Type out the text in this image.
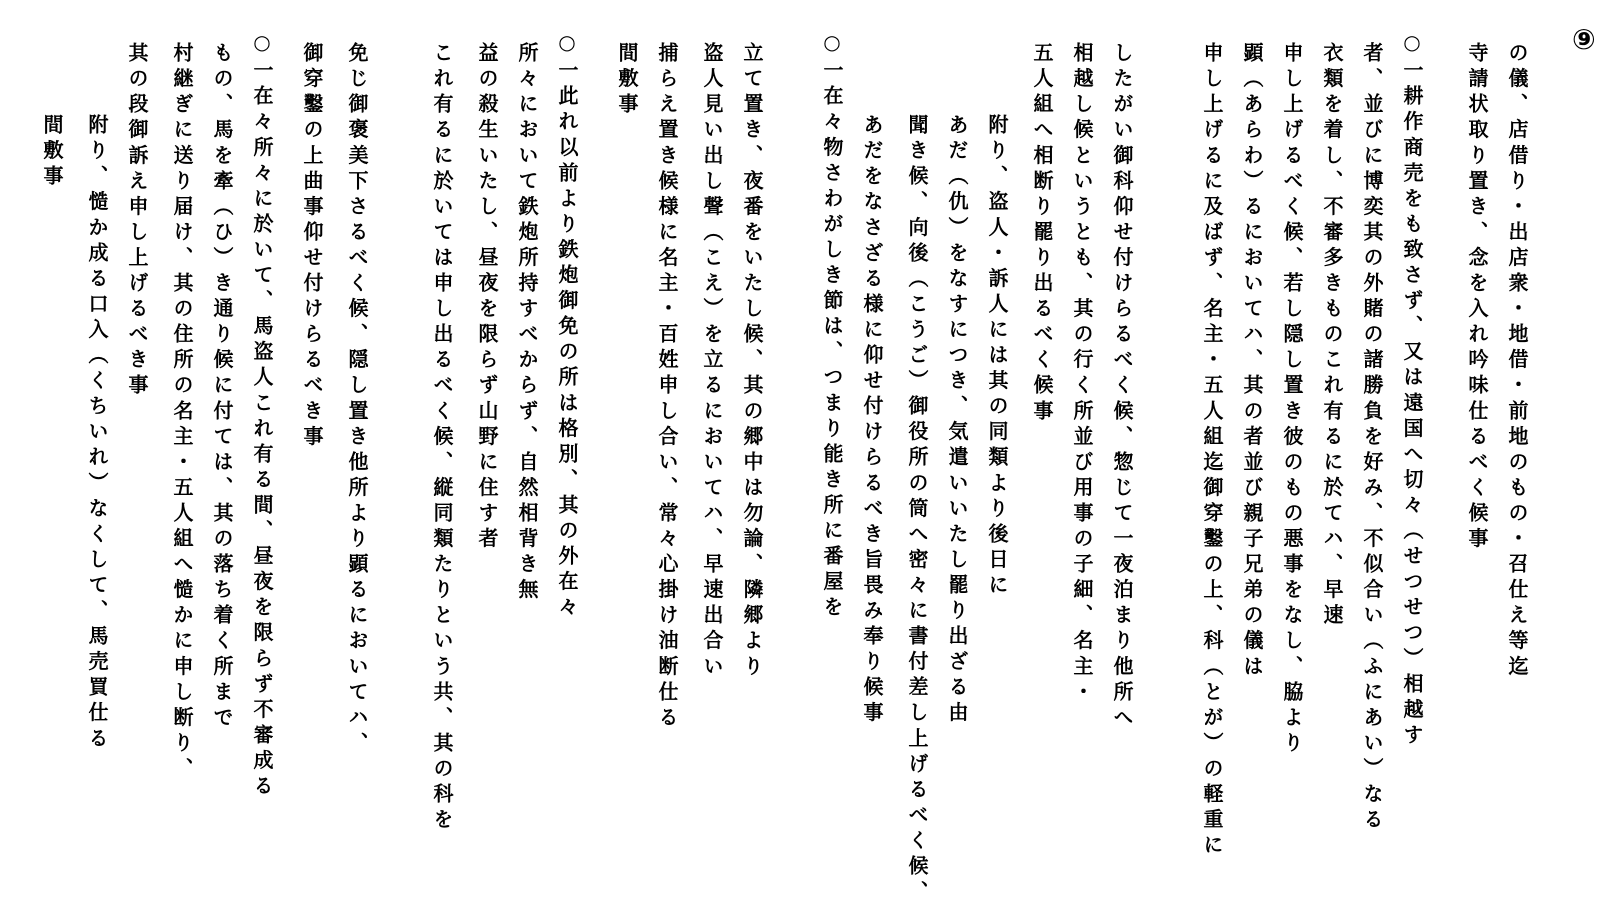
⑨
の儀、店借り・出店衆・地借・前地のもの・召仕え等迄
寺請状取り置き、念を入れ吟味仕るべく候事
○一耕作商売をも致さず、又は遠国へ切々（せつせつ）相越す
者、並びに博奕其の外賭の諸勝負を好み、不似合い（ふにあい）なる
衣類を着し、不審多きものこれ有るに於てハ、早速
申し上げるべく候、若し隠し置き彼のもの悪事をなし、脇より
顕（あらわ）るにおいてハ、其の者並び親子兄弟の儀は
申し上げるに及ばず、名主・五人組迄御穿鑿の上、科（とが）の軽重に
したがい御科仰せ付けらるべく候、惣じて一夜泊まり他所へ
相越し候というとも、其の行く所並び用事の子細、名主・
五人組へ相断り罷り出るべく候事
附り、盗人・訴人には其の同類より後日に
あだ（仇）をなすにつき、気遣いいたし罷り出ざる由
聞き候、向後（こうご）御役所の筒へ密々に書付差し上げるべく候、
あだをなさざる様に仰せ付けらるべき旨畏み奉り候事
○一在々物さわがしき節は、つまり能き所に番屋を
立て置き、夜番をいたし候、其の郷中は勿論、隣郷より
盗人見い出し聲（こえ）を立るにおいてハ、早速出合い
捕らえ置き候様に名主・百姓申し合い、常々心掛け油断仕る
間敷事
○一此れ以前より鉄炮御免の所は格別、其の外在々
所々において鉄炮所持すべからず、自然相背き無
益の殺生いたし、昼夜を限らず山野に住す者
これ有るに於いては申し出るべく候、縦同類たりという共、其の科を
免じ御褒美下さるべく候、隠し置き他所より顕るにおいてハ、
御穿鑿の上曲事仰せ付けらるべき事
○一在々所々に於いて、馬盗人これ有る間、昼夜を限らず不審成る
もの、馬を牽（ひ）き通り候に付ては、其の落ち着く所まで
村継ぎに送り届け、其の住所の名主・五人組へ慥かに申し断り、
其の段御訴え申し上げるべき事
附り、慥か成る口入（くちいれ）なくして、馬売買仕る
間敷事
